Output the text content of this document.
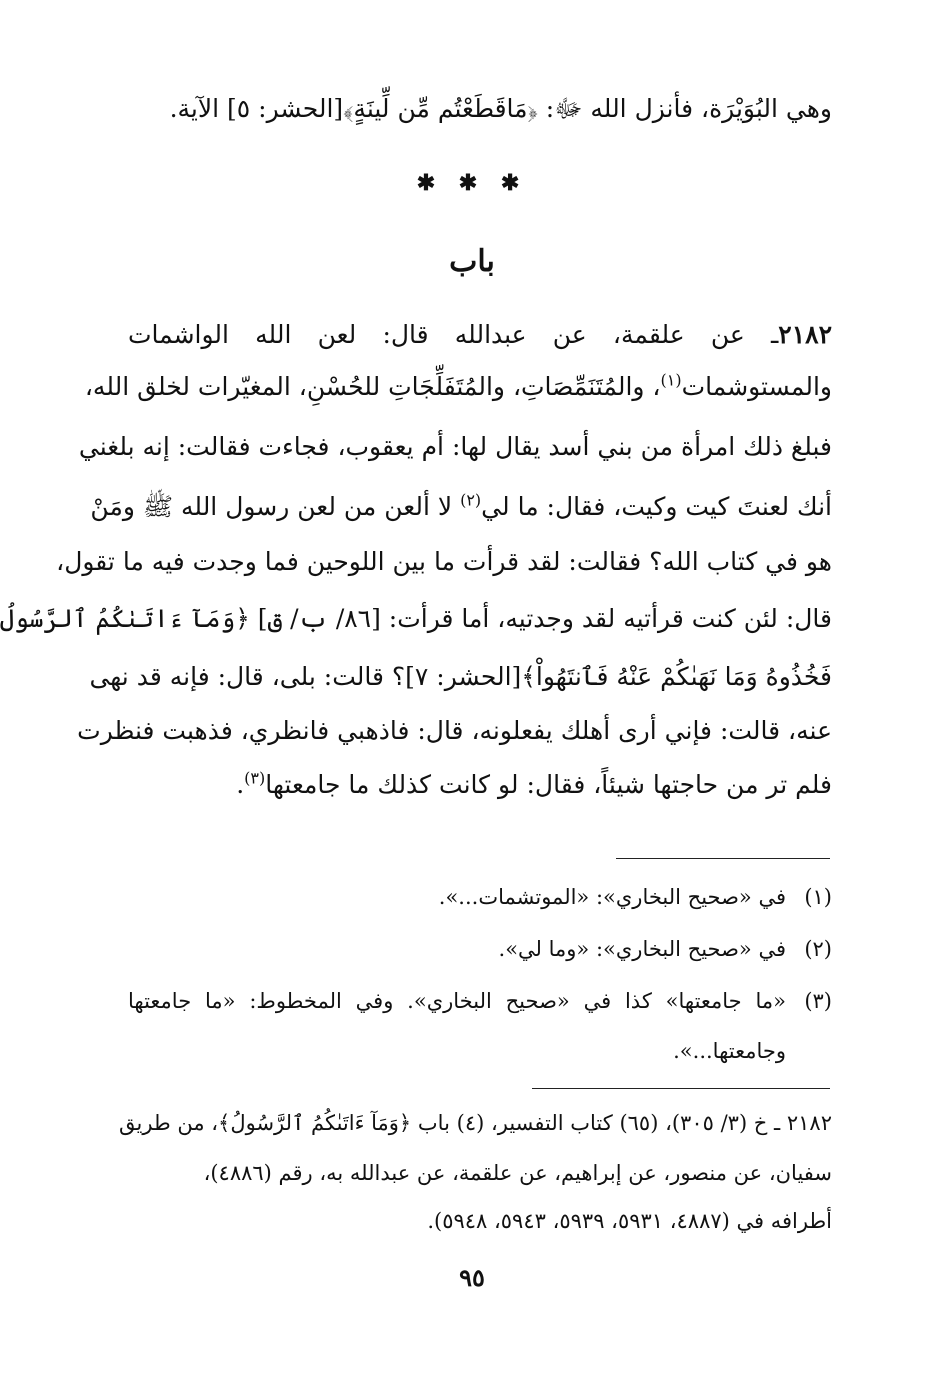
وهي البُوَيْرَة، فأنزل الله ﷻ: ﴿مَاقَطَعْتُم مِّن لِّينَةٍ﴾[الحشر: ٥] الآية.
✱ ✱ ✱
باب
٢١٨٢ـ عن علقمة، عن عبدالله قال: لعن الله الواشمات
والمستوشمات$^{(١)}$، والمُتَنَمِّصَاتِ، والمُتَفَلِّجَاتِ للحُسْنِ، المغيّرات لخلق الله،
فبلغ ذلك امرأة من بني أسد يقال لها: أم يعقوب، فجاءت فقالت: إنه بلغني
أنك لعنتَ كيت وكيت، فقال: ما لي$^{(٢)}$ لا ألعن من لعن رسول الله ﷺ ومَنْ
هو في كتاب الله؟ فقالت: لقد قرأت ما بين اللوحين فما وجدت فيه ما تقول،
قال: لئن كنت قرأتيه لقد وجدتيه، أما قرأت: [٨٦/ ب/ ق] ﴿وَمَآ ءَاتَىٰكُمُ ٱلرَّسُولُ
فَخُذُوهُ وَمَا نَهَىٰكُمْ عَنْهُ فَٱنتَهُواْ﴾[الحشر: ٧]؟ قالت: بلى، قال: فإنه قد نهى
عنه، قالت: فإني أرى أهلك يفعلونه، قال: فاذهبي فانظري، فذهبت فنظرت
فلم تر من حاجتها شيئاً، فقال: لو كانت كذلك ما جامعتها$^{(٣)}$.
(١)في «صحيح البخاري»: «الموتشمات...».
(٢)في «صحيح البخاري»: «وما لي».
(٣)«ما جامعتها» كذا في «صحيح البخاري». وفي المخطوط: «ما جامعتها
وجامعتها...».
٢١٨٢ ـ خ (٣/ ٣٠٥)، (٦٥) كتاب التفسير، (٤) باب ﴿وَمَآ ءَاتَىٰكُمُ ٱلرَّسُولُ﴾، من طريق
سفيان، عن منصور، عن إبراهيم، عن علقمة، عن عبدالله به، رقم (٤٨٨٦)،
أطرافه في (٤٨٨٧، ٥٩٣١، ٥٩٣٩، ٥٩٤٣، ٥٩٤٨).
٩٥
